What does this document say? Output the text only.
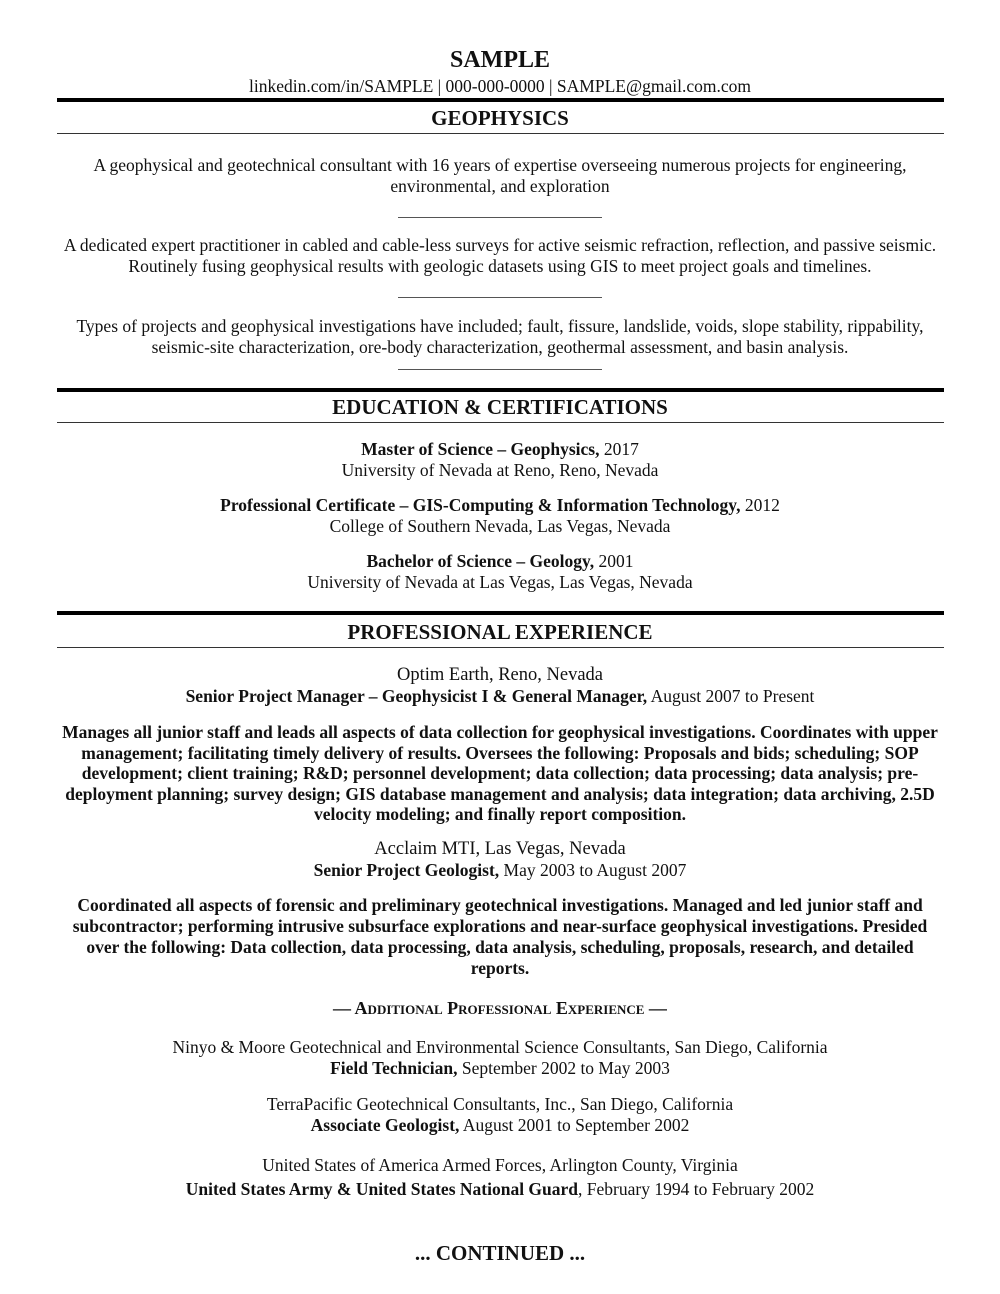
SAMPLE
linkedin.com/in/SAMPLE | 000-000-0000 | SAMPLE@gmail.com.com
GEOPHYSICS
A geophysical and geotechnical consultant with 16 years of expertise overseeing numerous projects for engineering, environmental, and exploration
A dedicated expert practitioner in cabled and cable-less surveys for active seismic refraction, reflection, and passive seismic. Routinely fusing geophysical results with geologic datasets using GIS to meet project goals and timelines.
Types of projects and geophysical investigations have included; fault, fissure, landslide, voids, slope stability, rippability, seismic-site characterization, ore-body characterization, geothermal assessment, and basin analysis.
EDUCATION & CERTIFICATIONS
Master of Science – Geophysics, 2017
University of Nevada at Reno, Reno, Nevada
Professional Certificate – GIS-Computing & Information Technology, 2012
College of Southern Nevada, Las Vegas, Nevada
Bachelor of Science – Geology, 2001
University of Nevada at Las Vegas, Las Vegas, Nevada
PROFESSIONAL EXPERIENCE
Optim Earth, Reno, Nevada
Senior Project Manager – Geophysicist I & General Manager, August 2007 to Present
Manages all junior staff and leads all aspects of data collection for geophysical investigations. Coordinates with upper management; facilitating timely delivery of results. Oversees the following: Proposals and bids; scheduling; SOP development; client training; R&D; personnel development; data collection; data processing; data analysis; pre-deployment planning; survey design; GIS database management and analysis; data integration; data archiving, 2.5D velocity modeling; and finally report composition.
Acclaim MTI, Las Vegas, Nevada
Senior Project Geologist, May 2003 to August 2007
Coordinated all aspects of forensic and preliminary geotechnical investigations. Managed and led junior staff and subcontractor; performing intrusive subsurface explorations and near-surface geophysical investigations. Presided over the following: Data collection, data processing, data analysis, scheduling, proposals, research, and detailed reports.
— Additional Professional Experience —
Ninyo & Moore Geotechnical and Environmental Science Consultants, San Diego, California
Field Technician, September 2002 to May 2003
TerraPacific Geotechnical Consultants, Inc., San Diego, California
Associate Geologist, August 2001 to September 2002
United States of America Armed Forces, Arlington County, Virginia
United States Army & United States National Guard, February 1994 to February 2002
... CONTINUED ...
